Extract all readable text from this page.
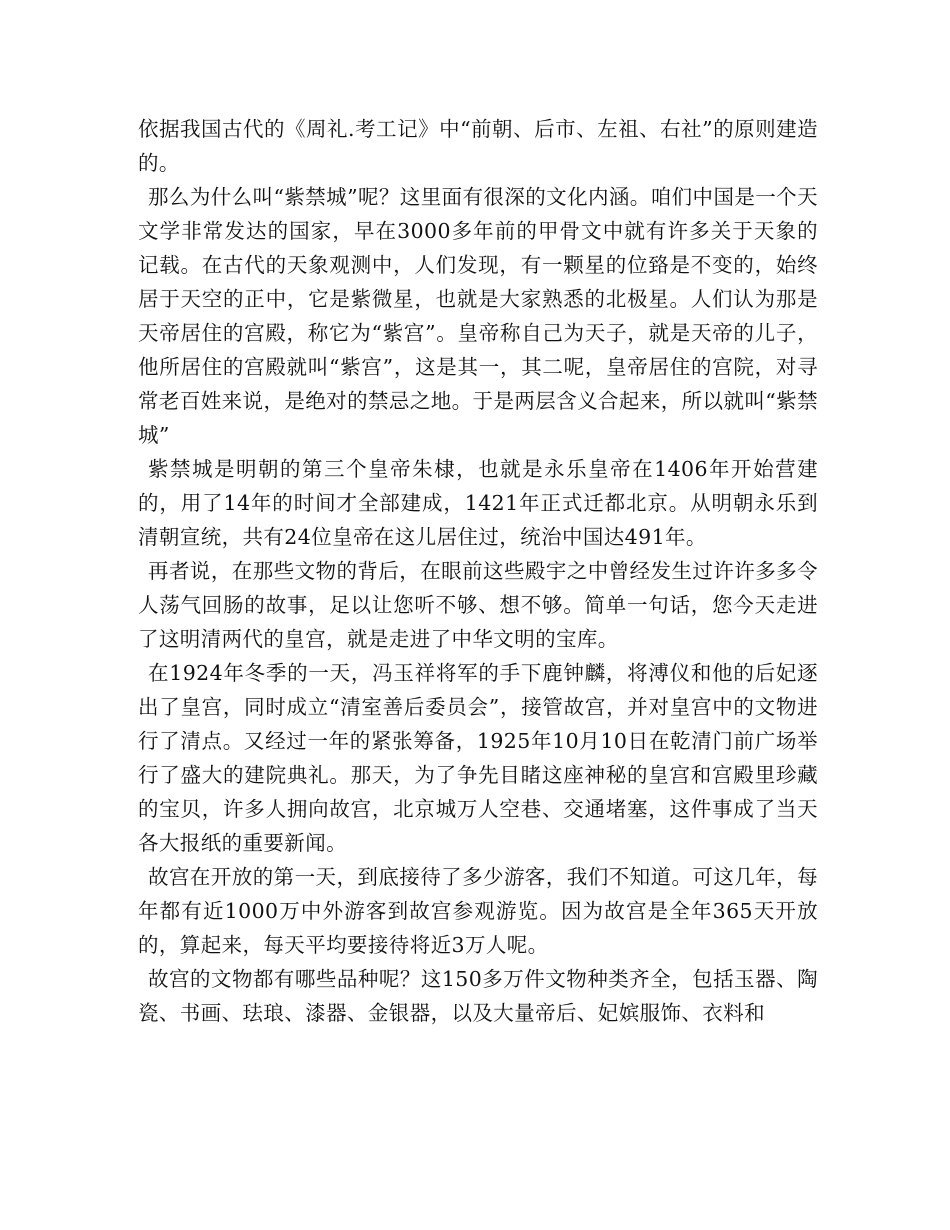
依据我国古代的《周礼.考工记》中“前朝、后市、左祖、右社”的原则建造的。

那么为什么叫“紫禁城”呢？这里面有很深的文化内涵。咱们中国是一个天文学非常发达的国家，早在3000多年前的甲骨文中就有许多关于天象的记载。在古代的天象观测中，人们发现，有一颗星的位臵是不变的，始终居于天空的正中，它是紫微星，也就是大家熟悉的北极星。人们认为那是天帝居住的宫殿，称它为“紫宫”。皇帝称自己为天子，就是天帝的儿子，他所居住的宫殿就叫“紫宫”，这是其一，其二呢，皇帝居住的宫院，对寻常老百姓来说，是绝对的禁忌之地。于是两层含义合起来，所以就叫“紫禁城”

紫禁城是明朝的第三个皇帝朱棣，也就是永乐皇帝在1406年开始营建的，用了14年的时间才全部建成，1421年正式迁都北京。从明朝永乐到清朝宣统，共有24位皇帝在这儿居住过，统治中国达491年。

再者说，在那些文物的背后，在眼前这些殿宇之中曾经发生过许许多多令人荡气回肠的故事，足以让您听不够、想不够。简单一句话，您今天走进了这明清两代的皇宫，就是走进了中华文明的宝库。

在1924年冬季的一天，冯玉祥将军的手下鹿钟麟，将溥仪和他的后妃逐出了皇宫，同时成立“清室善后委员会”，接管故宫，并对皇宫中的文物进行了清点。又经过一年的紧张筹备，1925年10月10日在乾清门前广场举行了盛大的建院典礼。那天，为了争先目睹这座神秘的皇宫和宫殿里珍藏的宝贝，许多人拥向故宫，北京城万人空巷、交通堵塞，这件事成了当天各大报纸的重要新闻。

故宫在开放的第一天，到底接待了多少游客，我们不知道。可这几年，每年都有近1000万中外游客到故宫参观游览。因为故宫是全年365天开放的，算起来，每天平均要接待将近3万人呢。

故宫的文物都有哪些品种呢？这150多万件文物种类齐全，包括玉器、陶瓷、书画、珐琅、漆器、金银器，以及大量帝后、妃嫔服饰、衣料和
